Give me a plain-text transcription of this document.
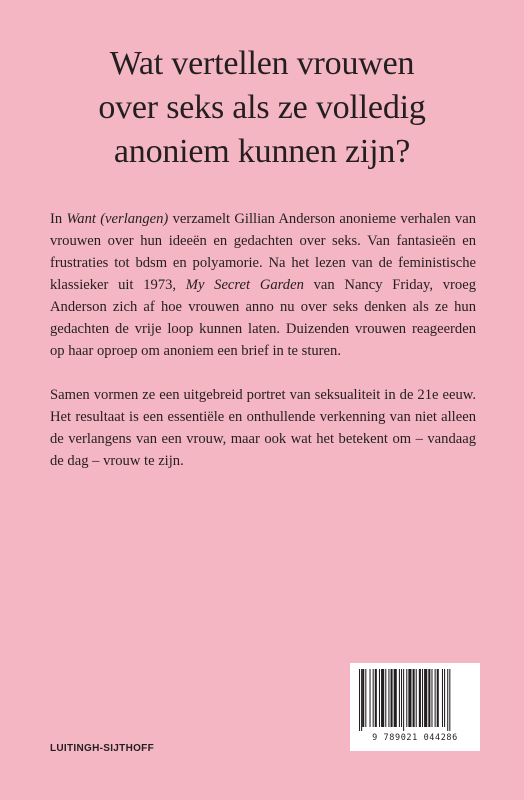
Wat vertellen vrouwen
over seks als ze volledig
anoniem kunnen zijn?

In Want (verlangen) verzamelt Gillian Anderson anonieme verhalen van vrouwen over hun ideeën en gedachten over seks. Van fantasieën en frustraties tot bdsm en polyamorie. Na het lezen van de feministische klassieker uit 1973, My Secret Garden van Nancy Friday, vroeg Anderson zich af hoe vrouwen anno nu over seks denken als ze hun gedachten de vrije loop kunnen laten. Duizenden vrouwen reageerden op haar oproep om anoniem een brief in te sturen.

Samen vormen ze een uitgebreid portret van seksualiteit in de 21e eeuw. Het resultaat is een essentiële en onthullende verkenning van niet alleen de verlangens van een vrouw, maar ook wat het betekent om – vandaag de dag – vrouw te zijn.

9 789021 044286
LUITINGH-SIJTHOFF
